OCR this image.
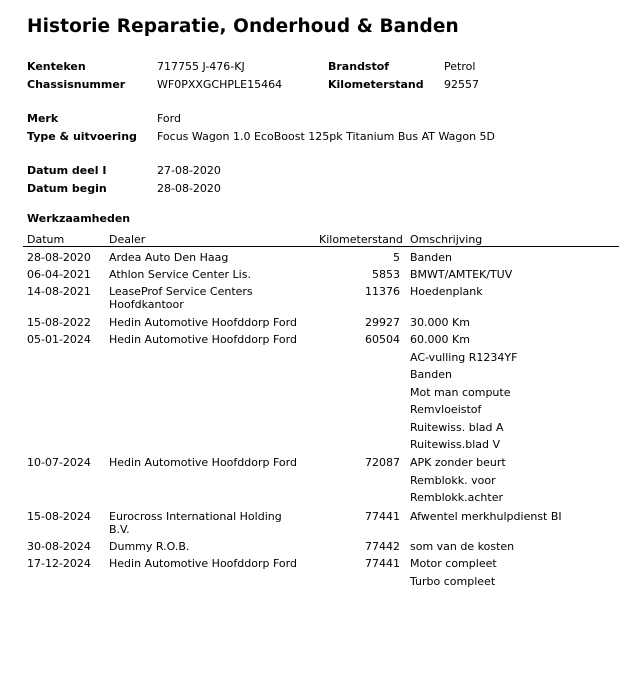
Historie Reparatie, Onderhoud & Banden
Kenteken	717755 J-476-KJ	Brandstof	Petrol
Chassisnummer	WF0PXXGCHPLE15464	Kilometerstand 92557
Merk	Ford
Type & uitvoering Focus Wagon 1.0 EcoBoost 125pk Titanium Bus AT Wagon 5D
Datum deel I	27-08-2020
Datum begin	28-08-2020
Werkzaamheden
Datum	Dealer	Kilometerstand Omschrijving
28-08-2020 Ardea Auto Den Haag	5 Banden
06-04-2021 Athlon Service Center Lis.	5853 BMWT/AMTEK/TUV
14-08-2021 LeaseProf Service Centers
Hoofdkantoor
11376 Hoedenplank
15-08-2022 Hedin Automotive Hoofddorp Ford	29927 30.000 Km
05-01-2024 Hedin Automotive Hoofddorp Ford	60504 60.000 Km
AC-vulling R1234YF
Banden
Mot man compute
Remvloeistof
Ruitewiss. blad A
Ruitewiss.blad V
10-07-2024 Hedin Automotive Hoofddorp Ford	72087 APK zonder beurt
Remblokk. voor
Remblokk.achter
15-08-2024 Eurocross International Holding
B.V.
77441 Afwentel merkhulpdienst BI
30-08-2024 Dummy R.O.B.	77442 som van de kosten
17-12-2024 Hedin Automotive Hoofddorp Ford	77441 Motor compleet
Turbo compleet
